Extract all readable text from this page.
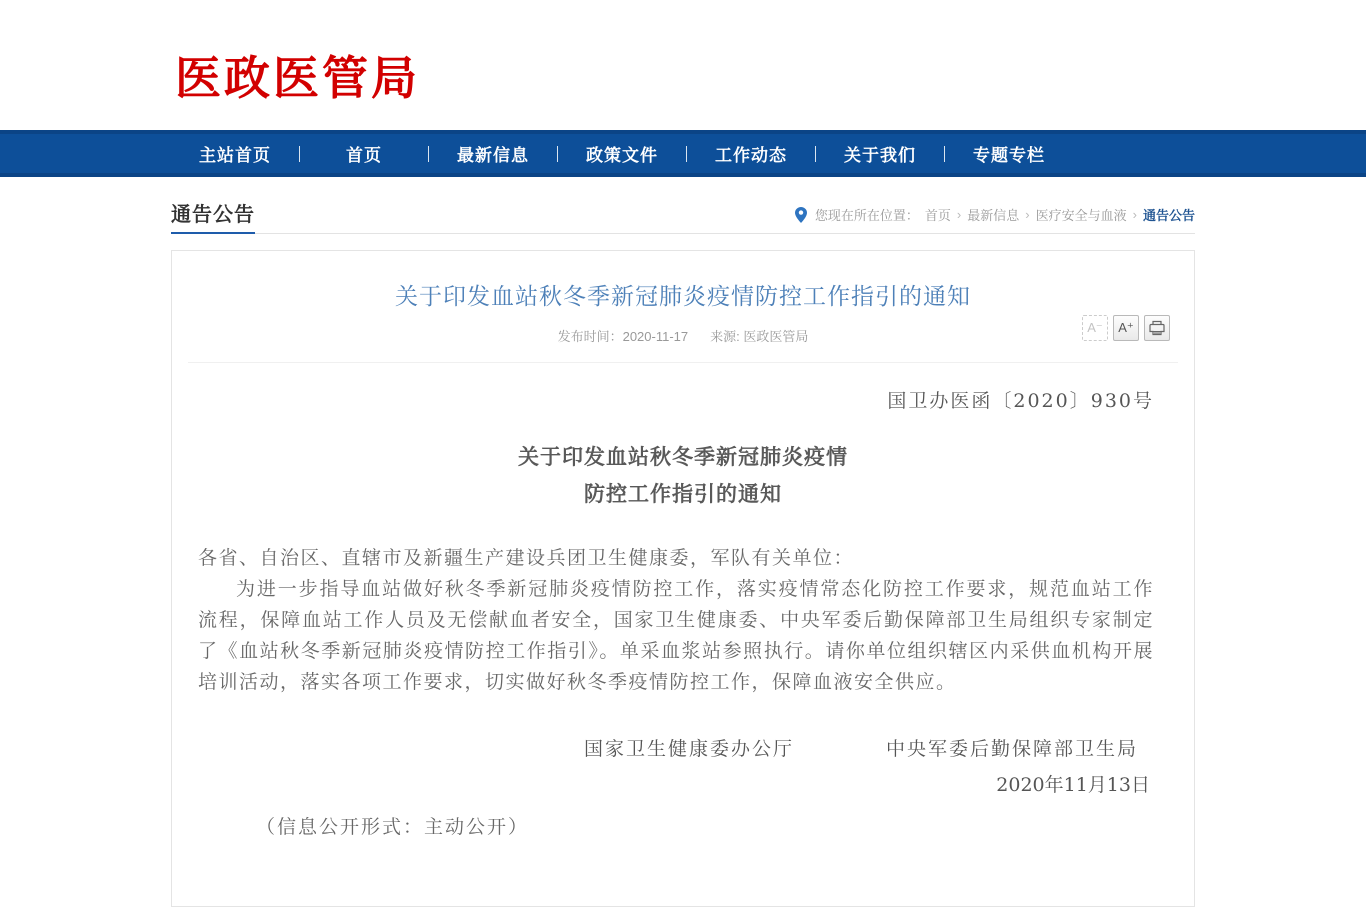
医政医管局
主站首页	首页	最新信息	政策文件	工作动态	关于我们	专题专栏
通告公告	您现在所在位置： 首页 › 最新信息 › 医疗安全与血液 › 通告公告
关于印发血站秋冬季新冠肺炎疫情防控工作指引的通知
发布时间：2020-11-17 来源: 医政医管局
A⁻	A⁺
国卫办医函〔2020〕930号
关于印发血站秋冬季新冠肺炎疫情
防控工作指引的通知

各省、自治区、直辖市及新疆生产建设兵团卫生健康委，军队有关单位：

为进一步指导血站做好秋冬季新冠肺炎疫情防控工作，落实疫情常态化防控工作要求，规范血站工作流程，保障血站工作人员及无偿献血者安全，国家卫生健康委、中央军委后勤保障部卫生局组织专家制定了《血站秋冬季新冠肺炎疫情防控工作指引》。单采血浆站参照执行。请你单位组织辖区内采供血机构开展培训活动，落实各项工作要求，切实做好秋冬季疫情防控工作，保障血液安全供应。

国家卫生健康委办公厅	中央军委后勤保障部卫生局
2020年11月13日
（信息公开形式：主动公开）
